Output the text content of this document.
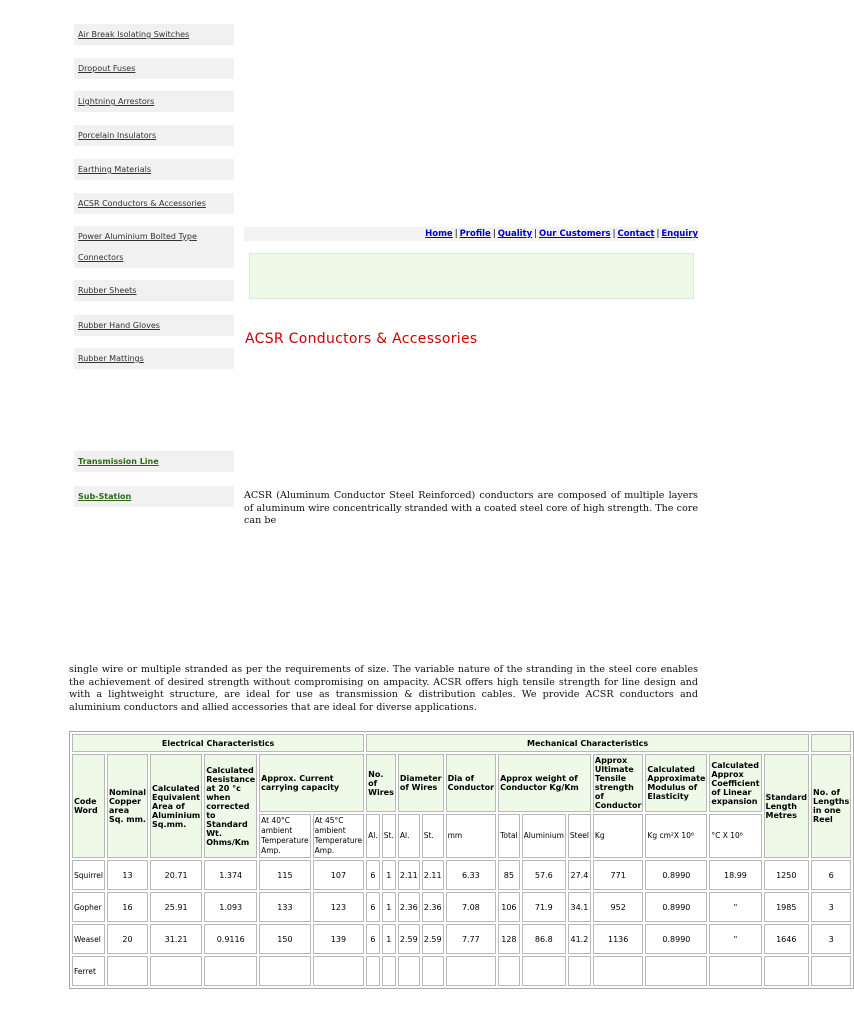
Air Break Isolating Switches
Dropout Fuses
Lightning Arrestors
Porcelain Insulators
Earthing Materials
ACSR Conductors & Accessories
Power Aluminium Bolted Type
Connectors
Rubber Sheets
Rubber Hand Gloves
Rubber Mattings
Transmission Line
Sub-Station
Home | Profile | Quality | Our Customers | Contact | Enquiry
ACSR Conductors & Accessories
ACSR (Aluminum Conductor Steel Reinforced) conductors are composed of multiple layers of aluminum wire concentrically stranded with a coated steel core of high strength. The core can be
single wire or multiple stranded as per the requirements of size. The variable nature of the stranding in the steel core enables the achievement of desired strength without compromising on ampacity. ACSR offers high tensile strength for line design and with a lightweight structure, are ideal for use as transmission & distribution cables. We provide ACSR conductors and aluminium conductors and allied accessories that are ideal for diverse applications.
Electrical Characteristics						Mechanical Characteristics												
Code Word	Nominal Copper area Sq. mm.	Calculated Equivalent Area of Aluminium Sq.mm.	Calculated Resistance at 20 °c when corrected to Standard Wt. Ohms/Km	Approx. Current carrying capacity		No. of Wires		Diameter of Wires		Dia of Conductor	Approx weight of Conductor Kg/Km			Approx Ultimate Tensile strength of Conductor	Calculated Approximate Modulus of Elasticity	Calculated Approx Coefficient of Linear expansion	Standard Length Metres	No. of Lengths in one Reel
				At 40°C ambient Temperature Amp.	At 45°C ambient Temperature Amp.	Al.	St.	Al.	St.	mm	Total	Aluminium	Steel	Kg	Kg cm²X 10⁶	°C X 10⁶		
Squirrel	13	20.71	1.374	115	107	6	1	2.11	2.11	6.33	85	57.6	27.4	771	0.8990	18.99	1250	6
Gopher	16	25.91	1.093	133	123	6	1	2.36	2.36	7.08	106	71.9	34.1	952	0.8990	"	1985	3
Weasel	20	31.21	0.9116	150	139	6	1	2.59	2.59	7.77	128	86.8	41.2	1136	0.8990	"	1646	3
Ferret																		
